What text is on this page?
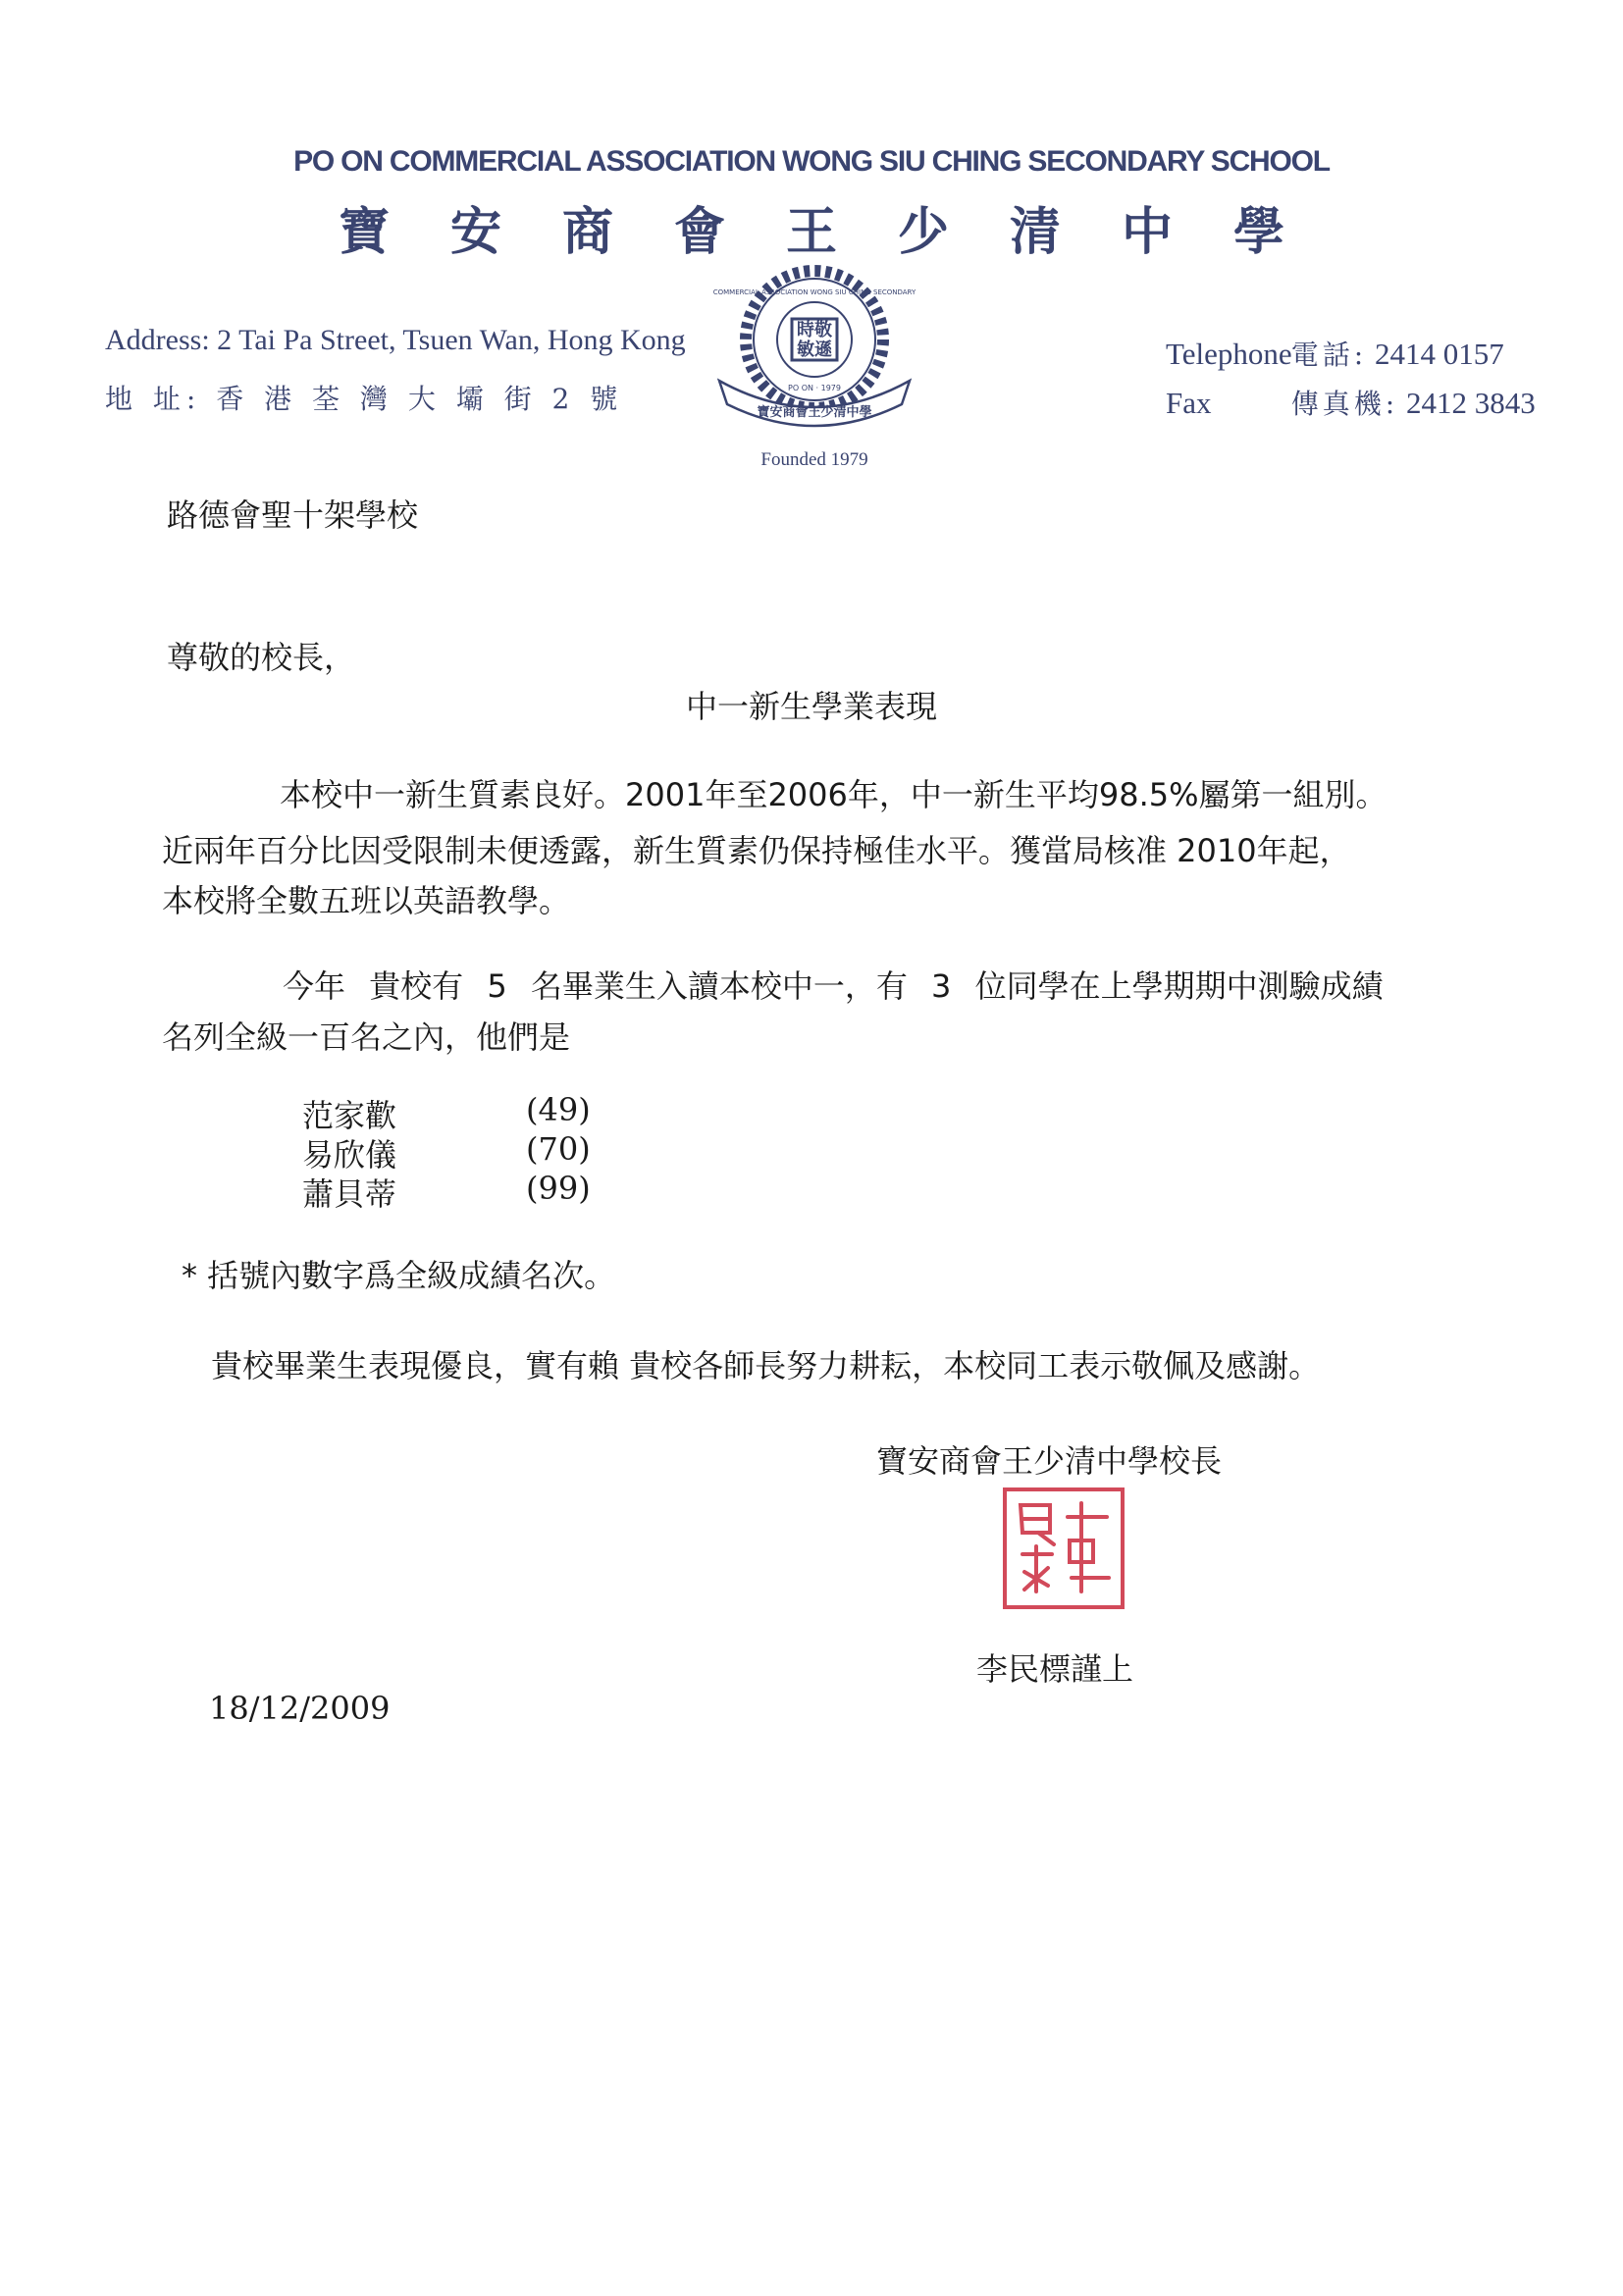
PO ON COMMERCIAL ASSOCIATION WONG SIU CHING SECONDARY SCHOOL
寶安商會王少清中學
Address: 2 Tai Pa Street, Tsuen Wan, Hong Kong
地 址: 香 港 荃 灣 大 壩 街 2 號
時敬
敏遜
COMMERCIAL ASSOCIATION WONG SIU CHING SECONDARY
PO ON · 1979
寶安商會王少清中學
Founded 1979
Telephone 電話: 2414 0157
Fax	傳真機: 2412 3843
路德會聖十架學校
尊敬的校長，
中一新生學業表現
本校中一新生質素良好。2001年至2006年，中一新生平均98.5%屬第一組別。
近兩年百分比因受限制未便透露，新生質素仍保持極佳水平。獲當局核准 2010年起，
本校將全數五班以英語教學。
今年 貴校有 5 名畢業生入讀本校中一，有 3 位同學在上學期期中測驗成績
名列全級一百名之內，他們是
范家歡	(49)
易欣儀	(70)
蕭貝蒂	(99)
* 括號內數字爲全級成績名次。
貴校畢業生表現優良，實有賴 貴校各師長努力耕耘，本校同工表示敬佩及感謝。
寶安商會王少清中學校長
李民標謹上
18/12/2009
